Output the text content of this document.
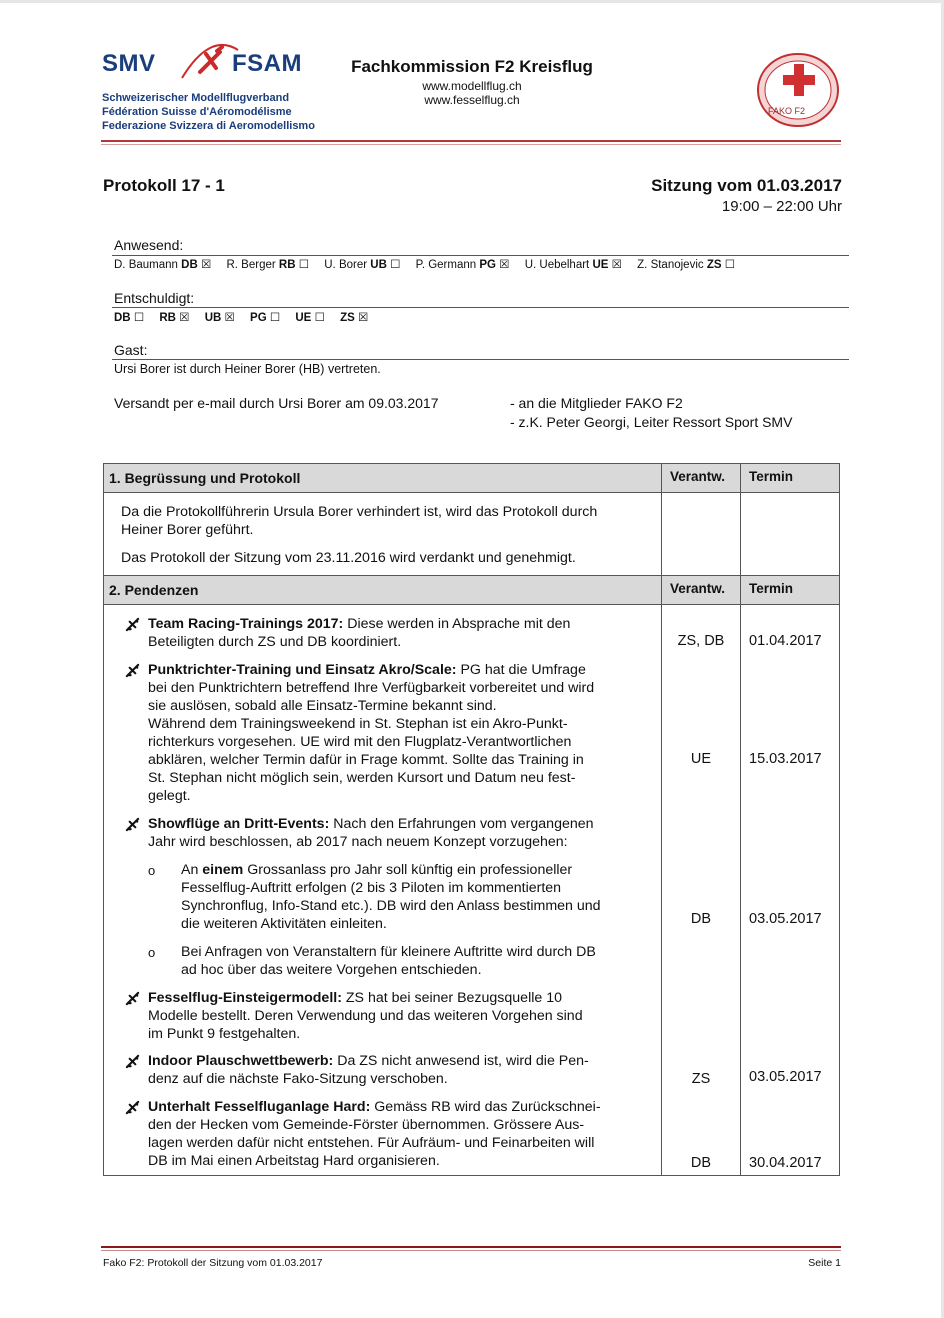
SMV	FSAM
Schweizerischer Modellflugverband
Fédération Suisse d'Aéromodélisme
Federazione Svizzera di Aeromodellismo
Fachkommission F2 Kreisflug
www.modellflug.ch
www.fesselflug.ch
FAKO F2
Protokoll 17 - 1	Sitzung vom 01.03.2017
19:00 – 22:00 Uhr
Anwesend:
D. Baumann DB ☒ R. Berger RB ☐ U. Borer UB ☐ P. Germann PG ☒ U. Uebelhart UE ☒ Z. Stanojevic ZS ☐
Entschuldigt:
DB ☐ RB ☒ UB ☒ PG ☐ UE ☐ ZS ☒
Gast:
Ursi Borer ist durch Heiner Borer (HB) vertreten.
Versandt per e-mail durch Ursi Borer am 09.03.2017	- an die Mitglieder FAKO F2
- z.K. Peter Georgi, Leiter Ressort Sport SMV
1. Begrüssung und Protokoll	Verantw. Termin
Da die Protokollführerin Ursula Borer verhindert ist, wird das Protokoll durch
Heiner Borer geführt.
Das Protokoll der Sitzung vom 23.11.2016 wird verdankt und genehmigt.
2. Pendenzen	Verantw. Termin
Team Racing-Trainings 2017: Diese werden in Absprache mit den
Beteiligten durch ZS und DB koordiniert.	ZS, DB	01.04.2017
Punktrichter-Training und Einsatz Akro/Scale: PG hat die Umfrage
bei den Punktrichtern betreffend Ihre Verfügbarkeit vorbereitet und wird
sie auslösen, sobald alle Einsatz-Termine bekannt sind.
Während dem Trainingsweekend in St. Stephan ist ein Akro-Punkt-
richterkurs vorgesehen. UE wird mit den Flugplatz-Verantwortlichen
abklären, welcher Termin dafür in Frage kommt. Sollte das Training in
St. Stephan nicht möglich sein, werden Kursort und Datum neu fest-
gelegt.
UE	15.03.2017
Showflüge an Dritt-Events: Nach den Erfahrungen vom vergangenen
Jahr wird beschlossen, ab 2017 nach neuem Konzept vorzugehen:
o An einem Grossanlass pro Jahr soll künftig ein professioneller
Fesselflug-Auftritt erfolgen (2 bis 3 Piloten im kommentierten
Synchronflug, Info-Stand etc.). DB wird den Anlass bestimmen und
die weiteren Aktivitäten einleiten.
o Bei Anfragen von Veranstaltern für kleinere Auftritte wird durch DB
ad hoc über das weitere Vorgehen entschieden.
DB	03.05.2017
Fesselflug-Einsteigermodell: ZS hat bei seiner Bezugsquelle 10
Modelle bestellt. Deren Verwendung und das weiteren Vorgehen sind
im Punkt 9 festgehalten.
Indoor Plauschwettbewerb: Da ZS nicht anwesend ist, wird die Pen-
denz auf die nächste Fako-Sitzung verschoben.	ZS	03.05.2017
Unterhalt Fesselfluganlage Hard: Gemäss RB wird das Zurückschnei-
den der Hecken vom Gemeinde-Förster übernommen. Grössere Aus-
lagen werden dafür nicht entstehen. Für Aufräum- und Feinarbeiten will
DB im Mai einen Arbeitstag Hard organisieren.	DB	30.04.2017
Fako F2: Protokoll der Sitzung vom 01.03.2017	Seite 1
